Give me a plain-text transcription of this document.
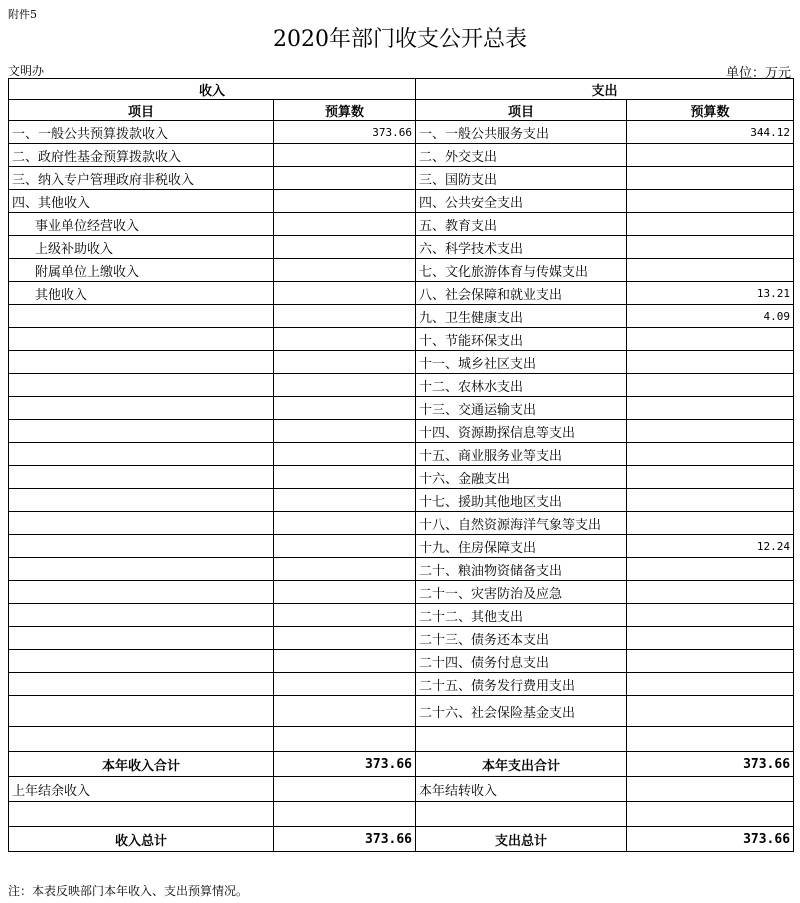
附件5
2020年部门收支公开总表
文明办	单位：万元
收入		支出	
项目	预算数	项目	预算数
一、一般公共预算拨款收入	373.66	一、一般公共服务支出	344.12
二、政府性基金预算拨款收入		二、外交支出	
三、纳入专户管理政府非税收入		三、国防支出	
四、其他收入		四、公共安全支出	
事业单位经营收入		五、教育支出	
上级补助收入		六、科学技术支出	
附属单位上缴收入		七、文化旅游体育与传媒支出	
其他收入		八、社会保障和就业支出	13.21
		九、卫生健康支出	4.09
		十、节能环保支出	
		十一、城乡社区支出	
		十二、农林水支出	
		十三、交通运输支出	
		十四、资源勘探信息等支出	
		十五、商业服务业等支出	
		十六、金融支出	
		十七、援助其他地区支出	
		十八、自然资源海洋气象等支出	
		十九、住房保障支出	12.24
		二十、粮油物资储备支出	
		二十一、灾害防治及应急	
		二十二、其他支出	
		二十三、债务还本支出	
		二十四、债务付息支出	
		二十五、债务发行费用支出	
		二十六、社会保险基金支出	

本年收入合计	373.66	本年支出合计	373.66
上年结余收入		本年结转收入	

收入总计	373.66	支出总计	373.66
注：本表反映部门本年收入、支出预算情况。
